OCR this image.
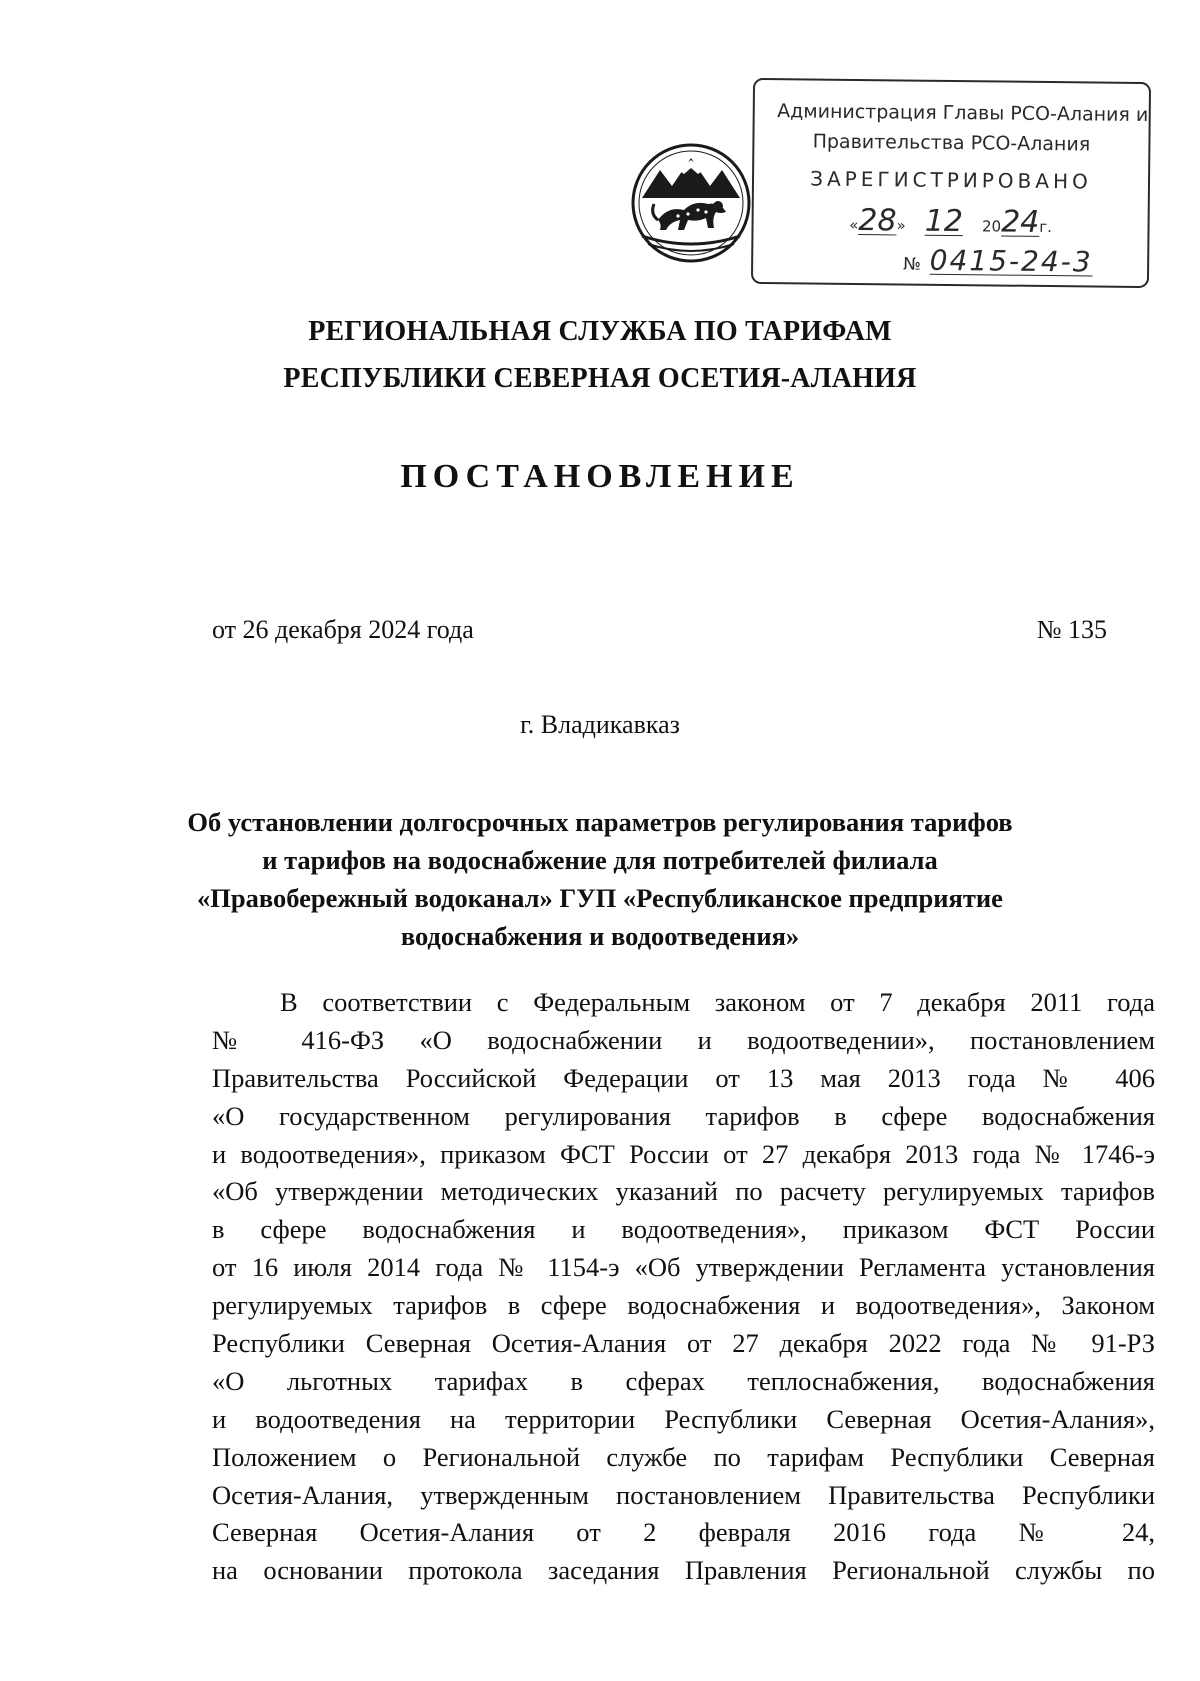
Администрация Главы РСО-Алания и
Правительства РСО-Алания
ЗАРЕГИСТРИРОВАНО
«28» 12 2024г.
№ 0415-24-3
РЕГИОНАЛЬНАЯ СЛУЖБА ПО ТАРИФАМ
РЕСПУБЛИКИ СЕВЕРНАЯ ОСЕТИЯ-АЛАНИЯ
ПОСТАНОВЛЕНИЕ
от 26 декабря 2024 года	№ 135
г. Владикавказ
Об установлении долгосрочных параметров регулирования тарифов
и тарифов на водоснабжение для потребителей филиала
«Правобережный водоканал» ГУП «Республиканское предприятие
водоснабжения и водоотведения»
В соответствии с Федеральным законом от 7 декабря 2011 года
№ 416-ФЗ «О водоснабжении и водоотведении», постановлением
Правительства Российской Федерации от 13 мая 2013 года № 406
«О государственном регулирования тарифов в сфере водоснабжения
и водоотведения», приказом ФСТ России от 27 декабря 2013 года № 1746-э
«Об утверждении методических указаний по расчету регулируемых тарифов
в сфере водоснабжения и водоотведения», приказом ФСТ России
от 16 июля 2014 года № 1154-э «Об утверждении Регламента установления
регулируемых тарифов в сфере водоснабжения и водоотведения», Законом
Республики Северная Осетия-Алания от 27 декабря 2022 года № 91-РЗ
«О льготных тарифах в сферах теплоснабжения, водоснабжения
и водоотведения на территории Республики Северная Осетия-Алания»,
Положением о Региональной службе по тарифам Республики Северная
Осетия-Алания, утвержденным постановлением Правительства Республики
Северная Осетия-Алания от 2 февраля 2016 года № 24,
на основании протокола заседания Правления Региональной службы по
